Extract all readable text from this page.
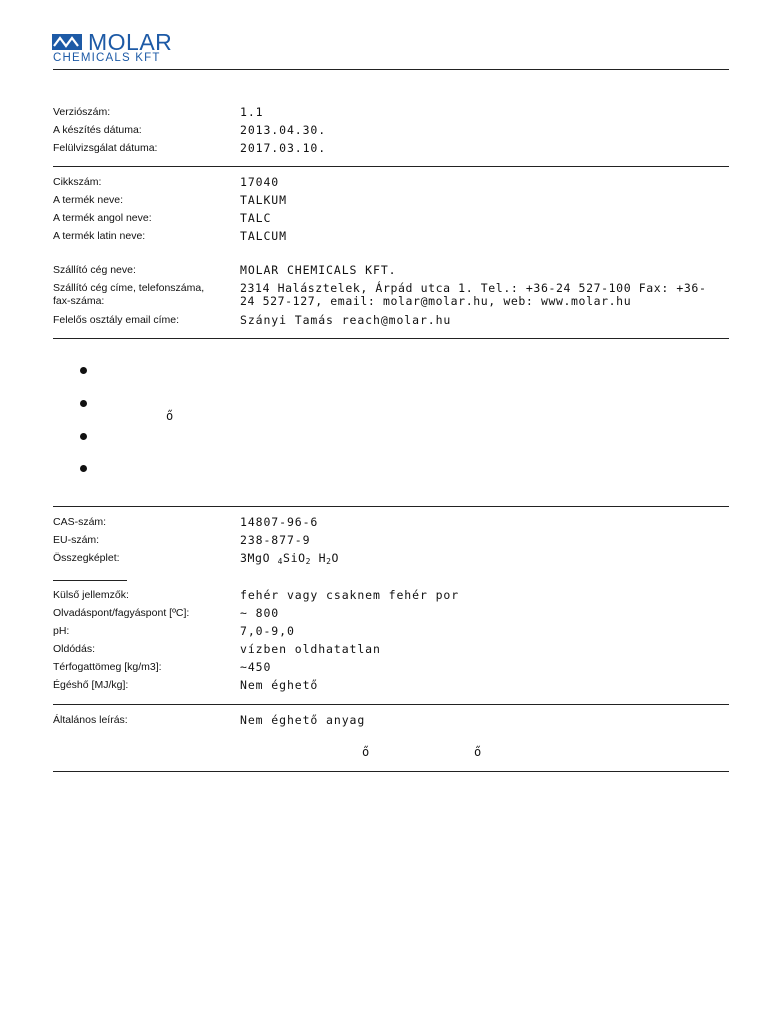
MOLAR
CHEMICALS KFT
Verziószám:	1.1
A készítés dátuma:	2013.04.30.
Felülvizsgálat dátuma:	2017.03.10.
Cikkszám:	17040
A termék neve:	TALKUM
A termék angol neve:	TALC
A termék latin neve:	TALCUM
Szállító cég neve:	MOLAR CHEMICALS KFT.
Szállító cég címe, telefonszáma, fax-száma:
2314 Halásztelek, Árpád utca 1. Tel.: +36-24 527-100 Fax: +36-24 527-127, email: molar@molar.hu, web: www.molar.hu
Felelős osztály email címe:	Szányi Tamás reach@molar.hu
ő
CAS-szám:	14807-96-6
EU-szám:	238-877-9
Összegképlet:	3MgO $_4$SiO$_2$ $H_2O$
Külső jellemzők:	fehér vagy csaknem fehér por
Olvadáspont/fagyáspont [ºC]:	~ 800
pH:	7,0-9,0
Oldódás:	vízben oldhatatlan
Térfogattömeg [kg/m3]:	~450
Égéshő [MJ/kg]:	Nem éghető
Általános leírás:	Nem éghető anyag
ő	ő
